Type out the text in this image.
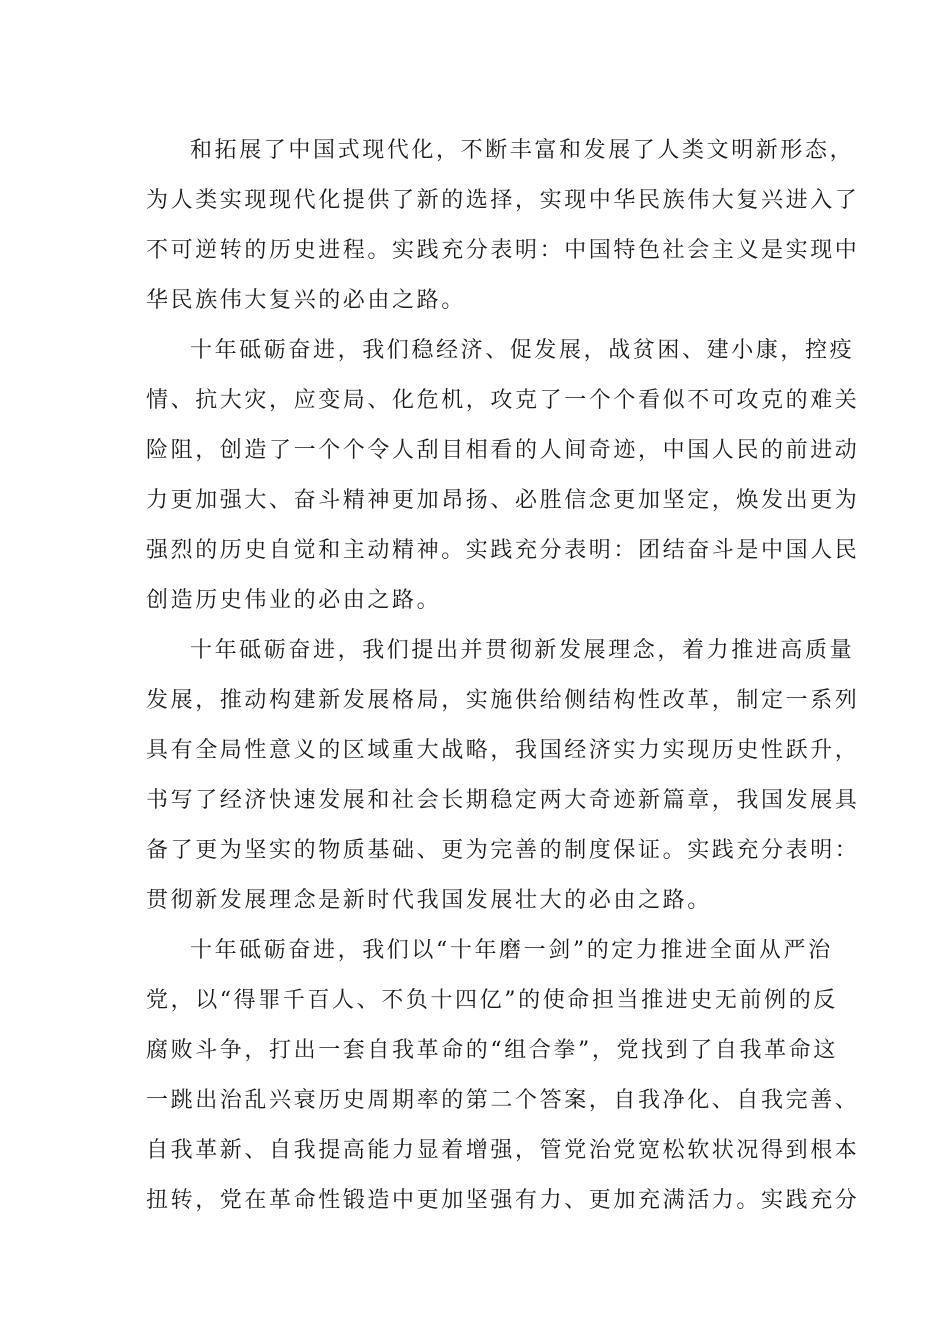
和拓展了中国式现代化，不断丰富和发展了人类文明新形态，
为人类实现现代化提供了新的选择，实现中华民族伟大复兴进入了
不可逆转的历史进程。实践充分表明：中国特色社会主义是实现中
华民族伟大复兴的必由之路。
十年砥砺奋进，我们稳经济、促发展，战贫困、建小康，控疫
情、抗大灾，应变局、化危机，攻克了一个个看似不可攻克的难关
险阻，创造了一个个令人刮目相看的人间奇迹，中国人民的前进动
力更加强大、奋斗精神更加昂扬、必胜信念更加坚定，焕发出更为
强烈的历史自觉和主动精神。实践充分表明：团结奋斗是中国人民
创造历史伟业的必由之路。
十年砥砺奋进，我们提出并贯彻新发展理念，着力推进高质量
发展，推动构建新发展格局，实施供给侧结构性改革，制定一系列
具有全局性意义的区域重大战略，我国经济实力实现历史性跃升，
书写了经济快速发展和社会长期稳定两大奇迹新篇章，我国发展具
备了更为坚实的物质基础、更为完善的制度保证。实践充分表明：
贯彻新发展理念是新时代我国发展壮大的必由之路。
十年砥砺奋进，我们以“十年磨一剑”的定力推进全面从严治
党，以“得罪千百人、不负十四亿”的使命担当推进史无前例的反
腐败斗争，打出一套自我革命的“组合拳”，党找到了自我革命这
一跳出治乱兴衰历史周期率的第二个答案，自我净化、自我完善、
自我革新、自我提高能力显着增强，管党治党宽松软状况得到根本
扭转，党在革命性锻造中更加坚强有力、更加充满活力。实践充分
